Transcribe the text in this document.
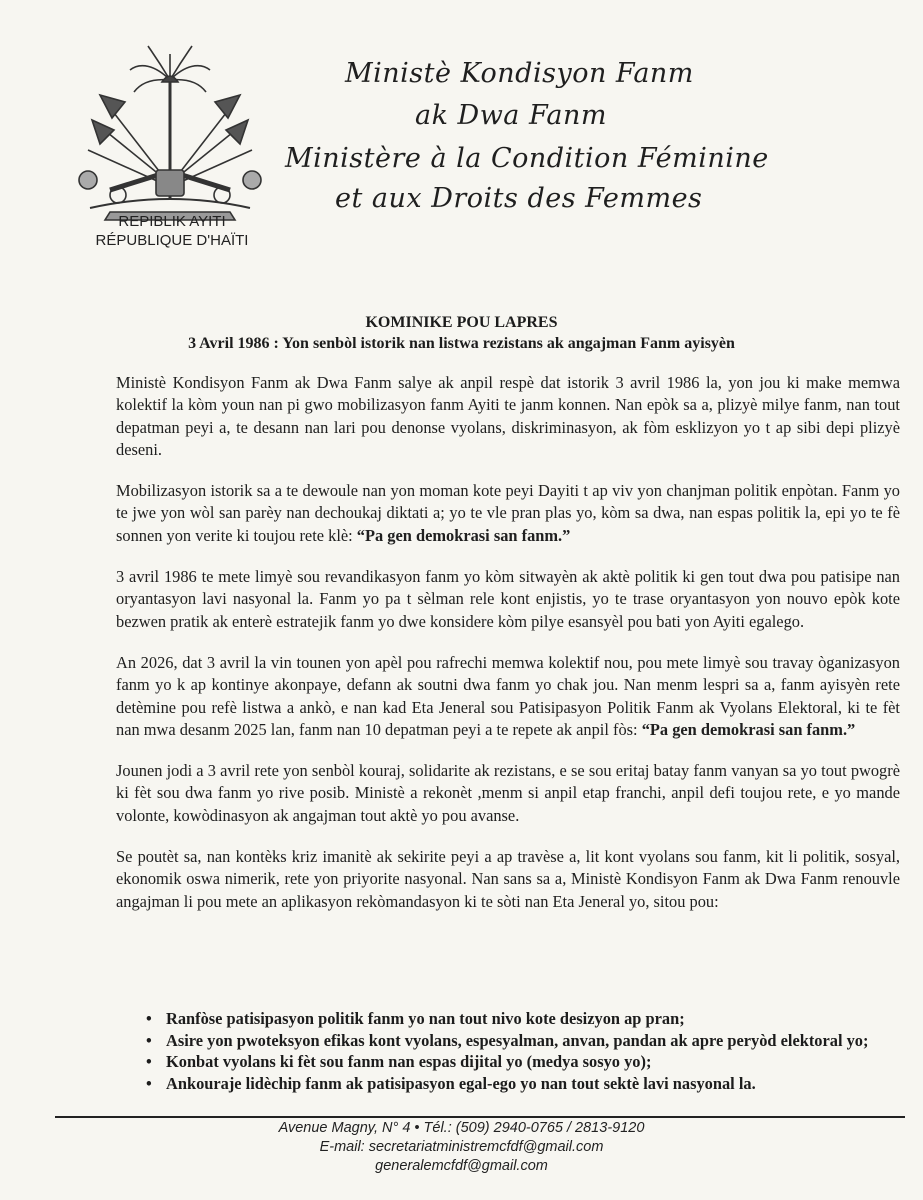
REPIBLIK AYITI
RÉPUBLIQUE D'HAÏTI
Ministè Kondisyon Fanm
ak Dwa Fanm
Ministère à la Condition Féminine
et aux Droits des Femmes
KOMINIKE POU LAPRES
3 Avril 1986 : Yon senbòl istorik nan listwa rezistans ak angajman Fanm ayisyèn

Ministè Kondisyon Fanm ak Dwa Fanm salye ak anpil respè dat istorik 3 avril 1986 la, yon jou ki make memwa kolektif la kòm youn nan pi gwo mobilizasyon fanm Ayiti te janm konnen. Nan epòk sa a, plizyè milye fanm, nan tout depatman peyi a, te desann nan lari pou denonse vyolans, diskriminasyon, ak fòm esklizyon yo t ap sibi depi plizyè deseni.

Mobilizasyon istorik sa a te dewoule nan yon moman kote peyi Dayiti t ap viv yon chanjman politik enpòtan. Fanm yo te jwe yon wòl san parèy nan dechoukaj diktati a; yo te vle pran plas yo, kòm sa dwa, nan espas politik la, epi yo te fè sonnen yon verite ki toujou rete klè: “Pa gen demokrasi san fanm.”

3 avril 1986 te mete limyè sou revandikasyon fanm yo kòm sitwayèn ak aktè politik ki gen tout dwa pou patisipe nan oryantasyon lavi nasyonal la. Fanm yo pa t sèlman rele kont enjistis, yo te trase oryantasyon yon nouvo epòk kote bezwen pratik ak enterè estratejik fanm yo dwe konsidere kòm pilye esansyèl pou bati yon Ayiti egalego.

An 2026, dat 3 avril la vin tounen yon apèl pou rafrechi memwa kolektif nou, pou mete limyè sou travay òganizasyon fanm yo k ap kontinye akonpaye, defann ak soutni dwa fanm yo chak jou. Nan menm lespri sa a, fanm ayisyèn rete detèmine pou refè listwa a ankò, e nan kad Eta Jeneral sou Patisipasyon Politik Fanm ak Vyolans Elektoral, ki te fèt nan mwa desanm 2025 lan, fanm nan 10 depatman peyi a te repete ak anpil fòs: “Pa gen demokrasi san fanm.”

Jounen jodi a 3 avril rete yon senbòl kouraj, solidarite ak rezistans, e se sou eritaj batay fanm vanyan sa yo tout pwogrè ki fèt sou dwa fanm yo rive posib. Ministè a rekonèt ,menm si anpil etap franchi, anpil defi toujou rete, e yo mande volonte, kowòdinasyon ak angajman tout aktè yo pou avanse.

Se poutèt sa, nan kontèks kriz imanitè ak sekirite peyi a ap travèse a, lit kont vyolans sou fanm, kit li politik, sosyal, ekonomik oswa nimerik, rete yon priyorite nasyonal. Nan sans sa a, Ministè Kondisyon Fanm ak Dwa Fanm renouvle angajman li pou mete an aplikasyon rekòmandasyon ki te sòti nan Eta Jeneral yo, sitou pou:

• Ranfòse patisipasyon politik fanm yo nan tout nivo kote desizyon ap pran;
• Asire yon pwoteksyon efikas kont vyolans, espesyalman, anvan, pandan ak apre peryòd elektoral yo;
• Konbat vyolans ki fèt sou fanm nan espas dijital yo (medya sosyo yo);
• Ankouraje lidèchip fanm ak patisipasyon egal-ego yo nan tout sektè lavi nasyonal la.
Avenue Magny, N° 4 • Tél.: (509) 2940-0765 / 2813-9120
E-mail: secretariatministremcfdf@gmail.com
generalemcfdf@gmail.com
